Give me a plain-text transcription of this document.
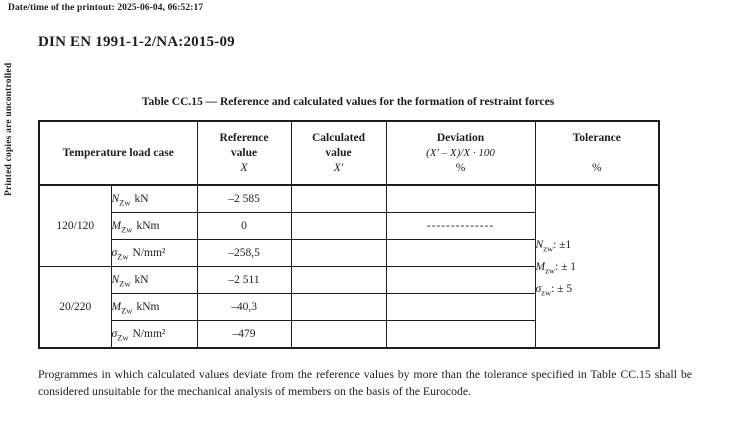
Date/time of the printout: 2025-06-04, 06:52:17
Printed copies are uncontrolled
DIN EN 1991-1-2/NA:2015-09
Table CC.15 — Reference and calculated values for the formation of restraint forces
Temperature load case

Reference
value
X

Calculated
value
X′

Deviation
(X′ – X)/X · 100
%

Tolerance
%

120/120	$N_{Zw}$ kN	–2 585			$N_{zw}$: ±1
$M_{zw}$: ± 1
$\sigma_{zw}$: ± 5

	$M_{Zw}$ kNm	0		--------------	
	$\sigma_{Zw}$ N/mm²	–258,5			
20/220	$N_{Zw}$ kN	–2 511			
	$M_{Zw}$ kNm	–40,3			
	$\sigma_{Zw}$ N/mm²	–479			

Programmes in which calculated values deviate from the reference values by more than the tolerance specified in Table CC.15 shall be considered unsuitable for the mechanical analysis of members on the basis of the Eurocode.
